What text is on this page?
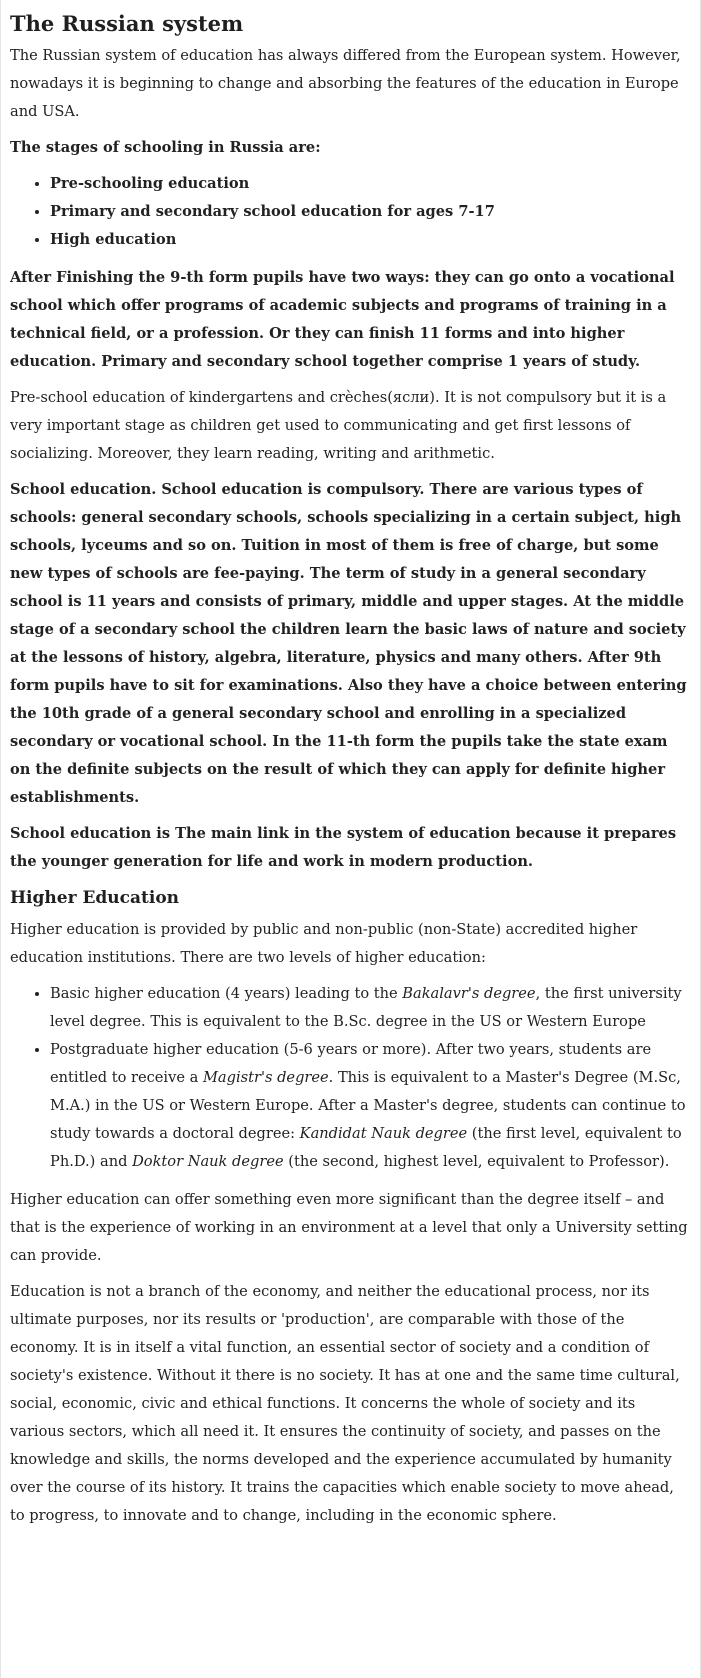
The Russian system

The Russian system of education has always differed from the European system. However, nowadays it is beginning to change and absorbing the features of the education in Europe and USA.

The stages of schooling in Russia are:

• Pre-schooling education
• Primary and secondary school education for ages 7-17
• High education

After Finishing the 9-th form pupils have two ways: they can go onto a vocational school which offer programs of academic subjects and programs of training in a technical field, or a profession. Or they can finish 11 forms and into higher education. Primary and secondary school together comprise 1 years of study.

Pre-school education of kindergartens and crèches(ясли). It is not compulsory but it is a very important stage as children get used to communicating and get first lessons of socializing. Moreover, they learn reading, writing and arithmetic.

School education. School education is compulsory. There are various types of schools: general secondary schools, schools specializing in a certain subject, high schools, lyceums and so on. Tuition in most of them is free of charge, but some new types of schools are fee-paying. The term of study in a general secondary school is 11 years and consists of primary, middle and upper stages. At the middle stage of a secondary school the children learn the basic laws of nature and society at the lessons of history, algebra, literature, physics and many others. After 9th form pupils have to sit for examinations. Also they have a choice between entering the 10th grade of a general secondary school and enrolling in a specialized secondary or vocational school. In the 11-th form the pupils take the state exam on the definite subjects on the result of which they can apply for definite higher establishments.

School education is The main link in the system of education because it prepares the younger generation for life and work in modern production.

Higher Education

Higher education is provided by public and non-public (non-State) accredited higher education institutions. There are two levels of higher education:

• Basic higher education (4 years) leading to the Bakalavr's degree, the first university level degree. This is equivalent to the B.Sc. degree in the US or Western Europe
• Postgraduate higher education (5-6 years or more). After two years, students are entitled to receive a Magistr's degree. This is equivalent to a Master's Degree (M.Sc, M.A.) in the US or Western Europe. After a Master's degree, students can continue to study towards a doctoral degree: Kandidat Nauk degree (the first level, equivalent to Ph.D.) and Doktor Nauk degree (the second, highest level, equivalent to Professor).

Higher education can offer something even more significant than the degree itself – and that is the experience of working in an environment at a level that only a University setting can provide.

Education is not a branch of the economy, and neither the educational process, nor its ultimate purposes, nor its results or 'production', are comparable with those of the economy. It is in itself a vital function, an essential sector of society and a condition of society's existence. Without it there is no society. It has at one and the same time cultural, social, economic, civic and ethical functions. It concerns the whole of society and its various sectors, which all need it. It ensures the continuity of society, and passes on the knowledge and skills, the norms developed and the experience accumulated by humanity over the course of its history. It trains the capacities which enable society to move ahead, to progress, to innovate and to change, including in the economic sphere.
